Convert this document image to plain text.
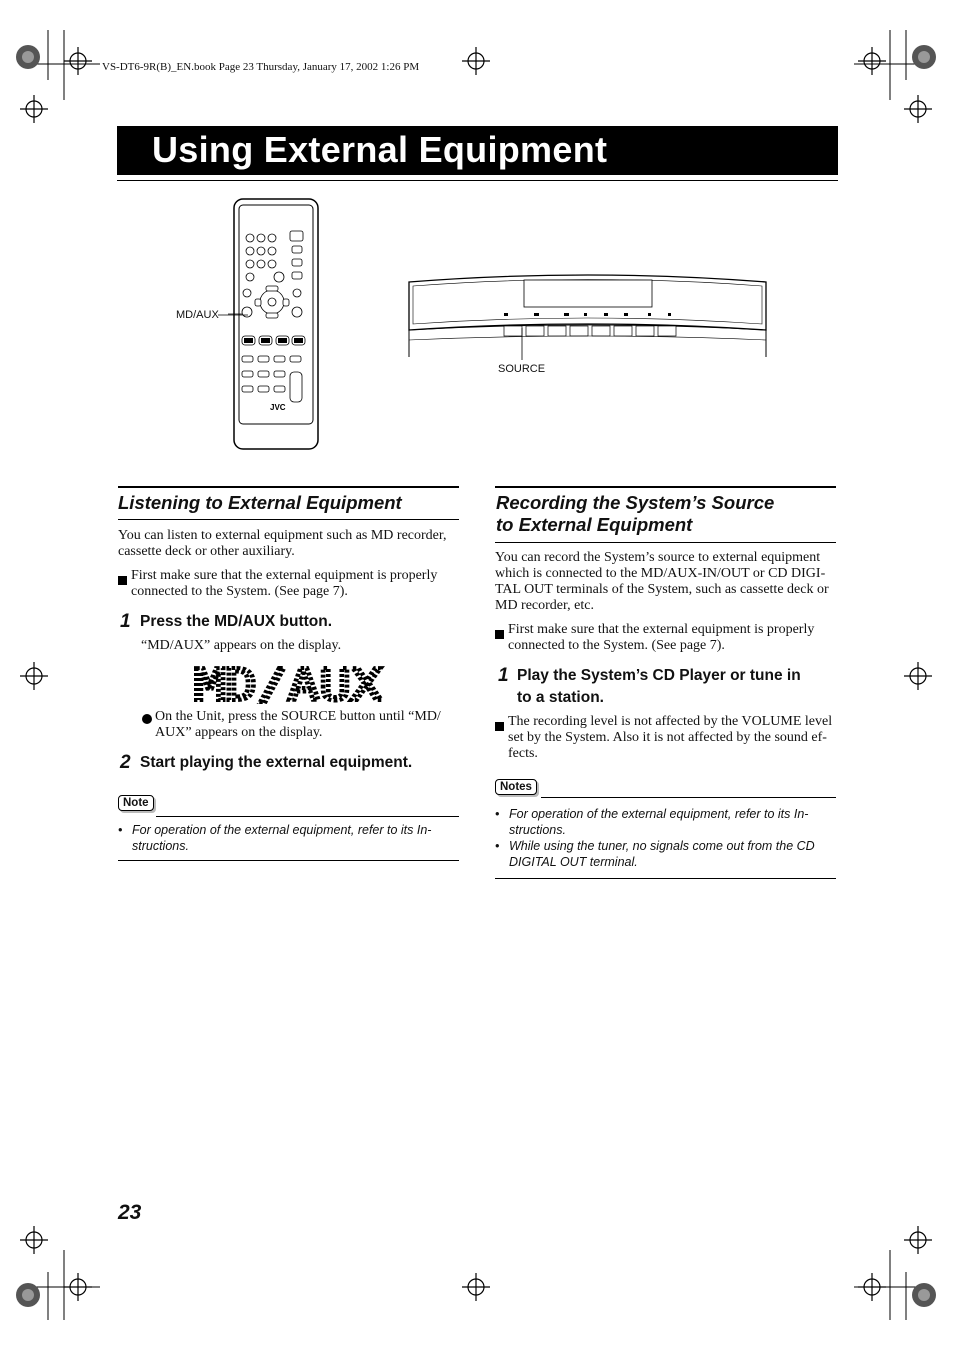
VS-DT6-9R(B)_EN.book Page 23 Thursday, January 17, 2002 1:26 PM
Using External Equipment
JVC
MD/AUX
SOURCE
Listening to External Equipment
You can listen to external equipment such as MD recorder,
cassette deck or other auxiliary.
First make sure that the external equipment is properly
connected to the System. (See page 7).
1 Press the MD/AUX button.
“MD/AUX” appears on the display.
MD/AUX
On the Unit, press the SOURCE button until “MD/
AUX” appears on the display.
2 Start playing the external equipment.
Note
• For operation of the external equipment, refer to its In-
structions.
Recording the System’s Source
to External Equipment
You can record the System’s source to external equipment
which is connected to the MD/AUX-IN/OUT or CD DIGI-
TAL OUT terminals of the System, such as cassette deck or
MD recorder, etc.
First make sure that the external equipment is properly
connected to the System. (See page 7).
1 Play the System’s CD Player or tune in
to a station.
The recording level is not affected by the VOLUME level
set by the System. Also it is not affected by the sound ef-
fects.
Notes
• For operation of the external equipment, refer to its In-
structions.
• While using the tuner, no signals come out from the CD
DIGITAL OUT terminal.
23
